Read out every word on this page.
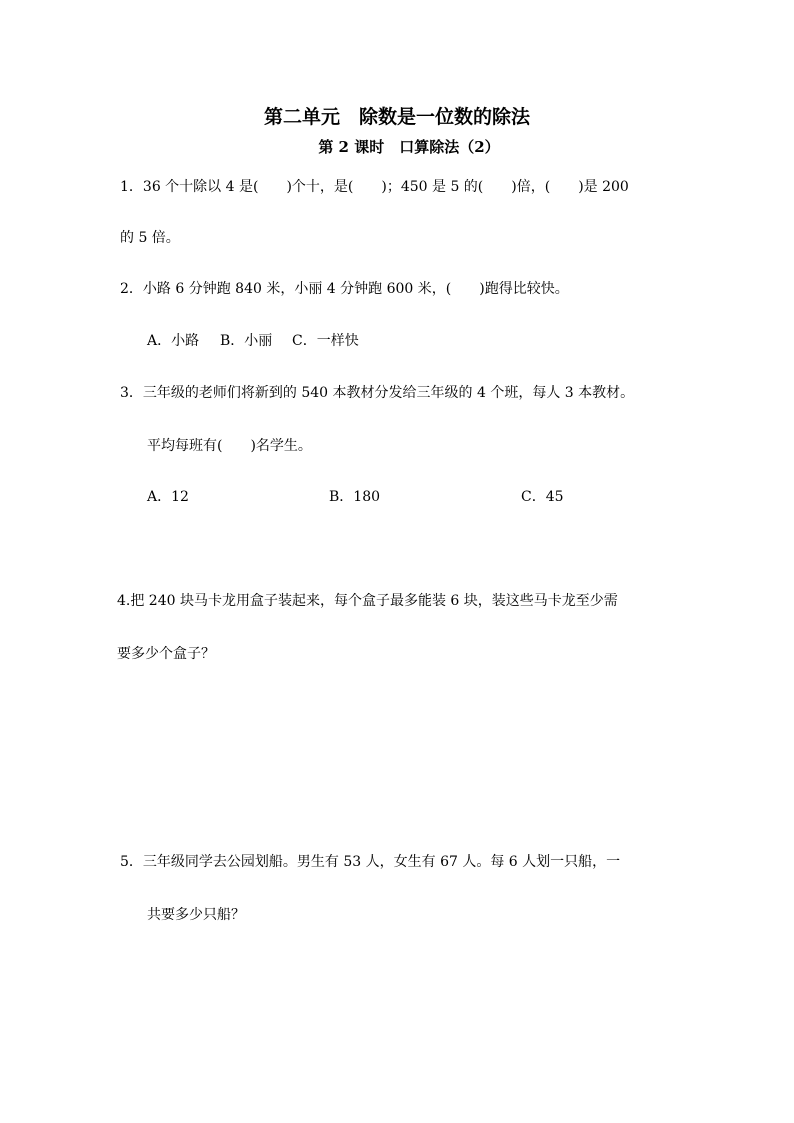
第二单元　除数是一位数的除法
第 2 课时　口算除法（2）
1．36 个十除以 4 是(　　)个十，是(　　)；450 是 5 的(　　)倍，(　　)是 200
的 5 倍。
2．小路 6 分钟跑 840 米，小丽 4 分钟跑 600 米，(　　)跑得比较快。
A．小路 B．小丽 C．一样快
3．三年级的老师们将新到的 540 本教材分发给三年级的 4 个班，每人 3 本教材。
平均每班有(　　)名学生。
A．12	B．180	C．45
4.把 240 块马卡龙用盒子装起来，每个盒子最多能装 6 块，装这些马卡龙至少需
要多少个盒子？
5．三年级同学去公园划船。男生有 53 人，女生有 67 人。每 6 人划一只船，一
共要多少只船？
